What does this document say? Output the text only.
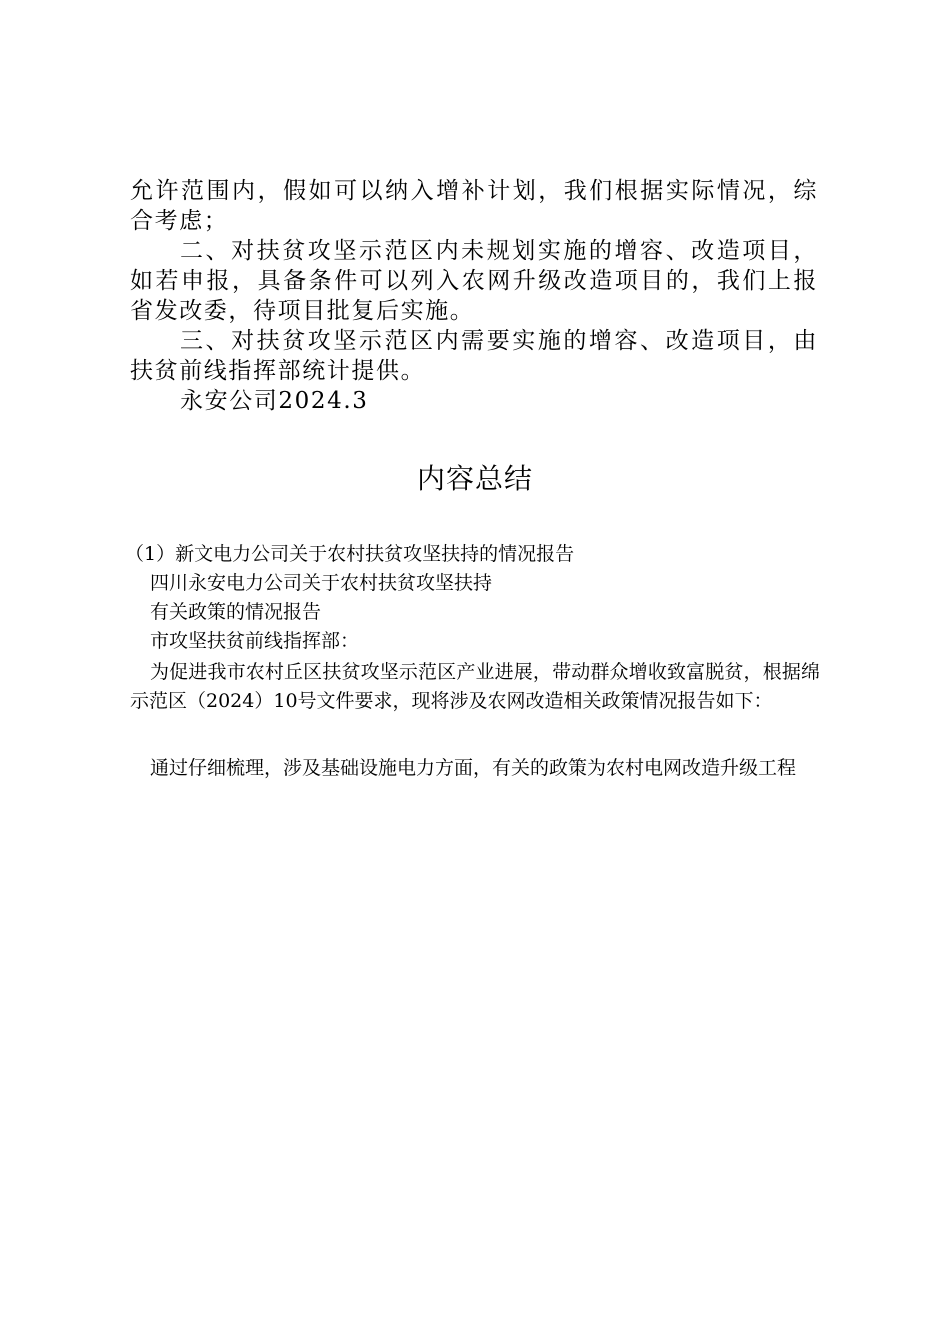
允许范围内，假如可以纳入增补计划，我们根据实际情况，综合考虑；

二、对扶贫攻坚示范区内未规划实施的增容、改造项目，如若申报，具备条件可以列入农网升级改造项目的，我们上报省发改委，待项目批复后实施。

三、对扶贫攻坚示范区内需要实施的增容、改造项目，由扶贫前线指挥部统计提供。

永安公司2024.3

内容总结

（1）新文电力公司关于农村扶贫攻坚扶持的情况报告

四川永安电力公司关于农村扶贫攻坚扶持

有关政策的情况报告

市攻坚扶贫前线指挥部：

为促进我市农村丘区扶贫攻坚示范区产业进展，带动群众增收致富脱贫，根据绵示范区（2024）10号文件要求，现将涉及农网改造相关政策情况报告如下：

通过仔细梳理，涉及基础设施电力方面，有关的政策为农村电网改造升级工程
